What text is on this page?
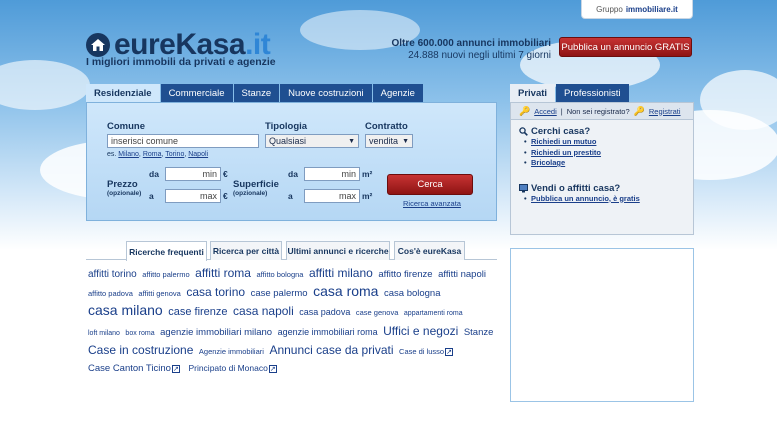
Gruppo immobiliare.it
eureKasa.it
I migliori immobili da privati e agenzie
Oltre 600.000 annunci immobiliari
24.888 nuovi negli ultimi 7 giorni
Pubblica un annuncio GRATIS
Residenziale	Commerciale	Stanze	Nuove costruzioni	Agenzie
Comune
inserisci comune
es. Milano, Roma, Torino, Napoli
Tipologia
Qualsiasi	▼
Contratto
vendita ▼
Prezzo
(opzionale)
da	min €
a	max €
Superficie
(opzionale)
da	min m²
a	max m²
Cerca
Ricerca avanzata
Privati	Professionisti
🔑 Accedi | Non sei registrato? 🔑 Registrati
Cerchi casa?
• Richiedi un mutuo
• Richiedi un prestito
• Bricolage
Vendi o affitti casa?
• Pubblica un annuncio, è gratis
Ricerche frequenti	Ricerca per città Ultimi annunci e ricerche	Cos'è eureKasa
affitti torino affitto palermo affitti roma affitto bologna affitti milano affitto firenze affitti napoli affitto padova affitti genova casa torino case palermo casa roma casa bologna casa milano case firenze casa napoli casa padova case genova appartamenti roma loft milano box roma agenzie immobiliari milano agenzie immobiliari roma Uffici e negozi Stanze Case in costruzione Agenzie immobiliari Annunci case da privati Case di lusso ↗ Case Canton Ticino ↗ Principato di Monaco ↗
